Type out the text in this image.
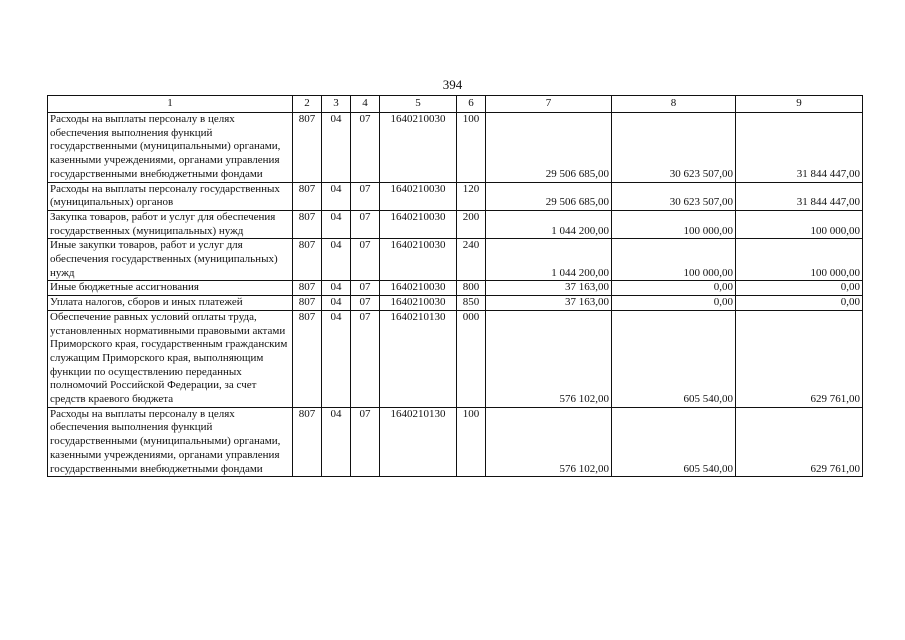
394
1	2	3	4	5	6	7	8	9
Расходы на выплаты персоналу в целях обеспечения выполнения функций государственными (муниципальными) органами, казенными учреждениями, органами управления государственными внебюджетными фондами	807	04	07	1640210030	100	29 506 685,00	30 623 507,00	31 844 447,00
Расходы на выплаты персоналу государственных (муниципальных) органов	807	04	07	1640210030	120	29 506 685,00	30 623 507,00	31 844 447,00
Закупка товаров, работ и услуг для обеспечения государственных (муниципальных) нужд	807	04	07	1640210030	200	1 044 200,00	100 000,00	100 000,00
Иные закупки товаров, работ и услуг для обеспечения государственных (муниципальных) нужд	807	04	07	1640210030	240	1 044 200,00	100 000,00	100 000,00
Иные бюджетные ассигнования	807	04	07	1640210030	800	37 163,00	0,00	0,00
Уплата налогов, сборов и иных платежей	807	04	07	1640210030	850	37 163,00	0,00	0,00
Обеспечение равных условий оплаты труда, установленных нормативными правовыми актами Приморского края, государственным гражданским служащим Приморского края, выполняющим функции по осуществлению переданных полномочий Российской Федерации, за счет средств краевого бюджета	807	04	07	1640210130	000	576 102,00	605 540,00	629 761,00
Расходы на выплаты персоналу в целях обеспечения выполнения функций государственными (муниципальными) органами, казенными учреждениями, органами управления государственными внебюджетными фондами	807	04	07	1640210130	100	576 102,00	605 540,00	629 761,00
